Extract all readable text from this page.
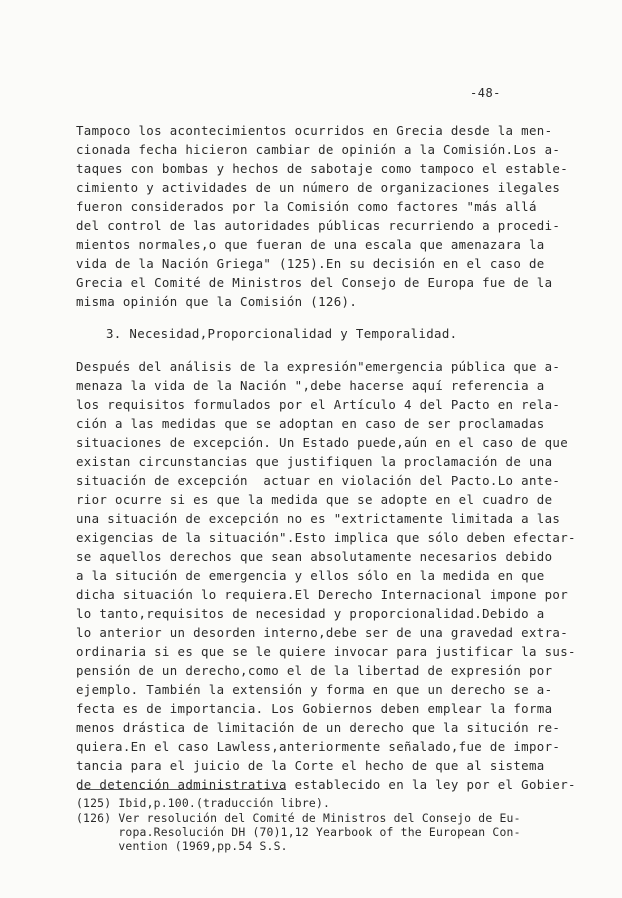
-48-
Tampoco los acontecimientos ocurridos en Grecia desde la men-
cionada fecha hicieron cambiar de opinión a la Comisión.Los a-
taques con bombas y hechos de sabotaje como tampoco el estable-
cimiento y actividades de un número de organizaciones ilegales
fueron considerados por la Comisión como factores "más allá
del control de las autoridades públicas recurriendo a procedi-
mientos normales,o que fueran de una escala que amenazara la
vida de la Nación Griega" (125).En su decisión en el caso de
Grecia el Comité de Ministros del Consejo de Europa fue de la
misma opinión que la Comisión (126).
3. Necesidad,Proporcionalidad y Temporalidad.
Después del análisis de la expresión"emergencia pública que a-
menaza la vida de la Nación ",debe hacerse aquí referencia a
los requisitos formulados por el Artículo 4 del Pacto en rela-
ción a las medidas que se adoptan en caso de ser proclamadas
situaciones de excepción. Un Estado puede,aún en el caso de que
existan circunstancias que justifiquen la proclamación de una
situación de excepción  actuar en violación del Pacto.Lo ante-
rior ocurre si es que la medida que se adopte en el cuadro de
una situación de excepción no es "extrictamente limitada a las
exigencias de la situación".Esto implica que sólo deben efectar-
se aquellos derechos que sean absolutamente necesarios debido
a la situción de emergencia y ellos sólo en la medida en que
dicha situación lo requiera.El Derecho Internacional impone por
lo tanto,requisitos de necesidad y proporcionalidad.Debido a
lo anterior un desorden interno,debe ser de una gravedad extra-
ordinaria si es que se le quiere invocar para justificar la sus-
pensión de un derecho,como el de la libertad de expresión por
ejemplo. También la extensión y forma en que un derecho se a-
fecta es de importancia. Los Gobiernos deben emplear la forma
menos drástica de limitación de un derecho que la situción re-
quiera.En el caso Lawless,anteriormente señalado,fue de impor-
tancia para el juicio de la Corte el hecho de que al sistema
de detención administrativa establecido en la ley por el Gobier-
(125) Ibid,p.100.(traducción libre).
(126) Ver resolución del Comité de Ministros del Consejo de Eu-
ropa.Resolución DH (70)1,12 Yearbook of the European Con-
vention (1969,pp.54 S.S.
